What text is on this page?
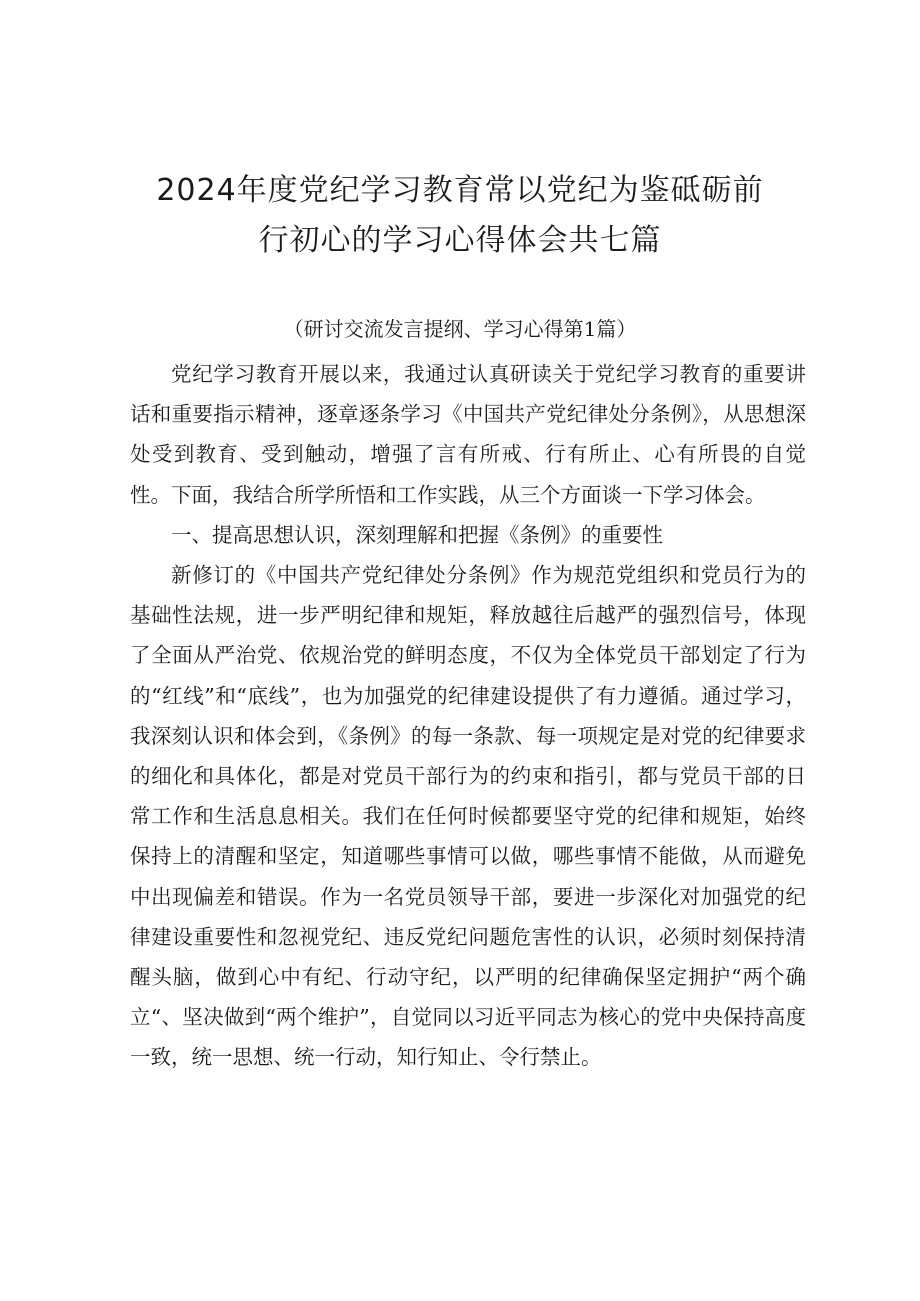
2024年度党纪学习教育常以党纪为鉴砥砺前
行初心的学习心得体会共七篇
（研讨交流发言提纲、学习心得第1篇）

党纪学习教育开展以来，我通过认真研读关于党纪学习教育的重要讲话和重要指示精神，逐章逐条学习《中国共产党纪律处分条例》，从思想深处受到教育、受到触动，增强了言有所戒、行有所止、心有所畏的自觉性。下面，我结合所学所悟和工作实践，从三个方面谈一下学习体会。

一、提高思想认识，深刻理解和把握《条例》的重要性

新修订的《中国共产党纪律处分条例》作为规范党组织和党员行为的基础性法规，进一步严明纪律和规矩，释放越往后越严的强烈信号，体现了全面从严治党、依规治党的鲜明态度，不仅为全体党员干部划定了行为的“红线”和“底线”，也为加强党的纪律建设提供了有力遵循。通过学习，我深刻认识和体会到，《条例》的每一条款、每一项规定是对党的纪律要求的细化和具体化，都是对党员干部行为的约束和指引，都与党员干部的日常工作和生活息息相关。我们在任何时候都要坚守党的纪律和规矩，始终保持上的清醒和坚定，知道哪些事情可以做，哪些事情不能做，从而避免中出现偏差和错误。作为一名党员领导干部，要进一步深化对加强党的纪律建设重要性和忽视党纪、违反党纪问题危害性的认识，必须时刻保持清醒头脑，做到心中有纪、行动守纪，以严明的纪律确保坚定拥护“两个确立“、坚决做到“两个维护”，自觉同以习近平同志为核心的党中央保持高度一致，统一思想、统一行动，知行知止、令行禁止。
